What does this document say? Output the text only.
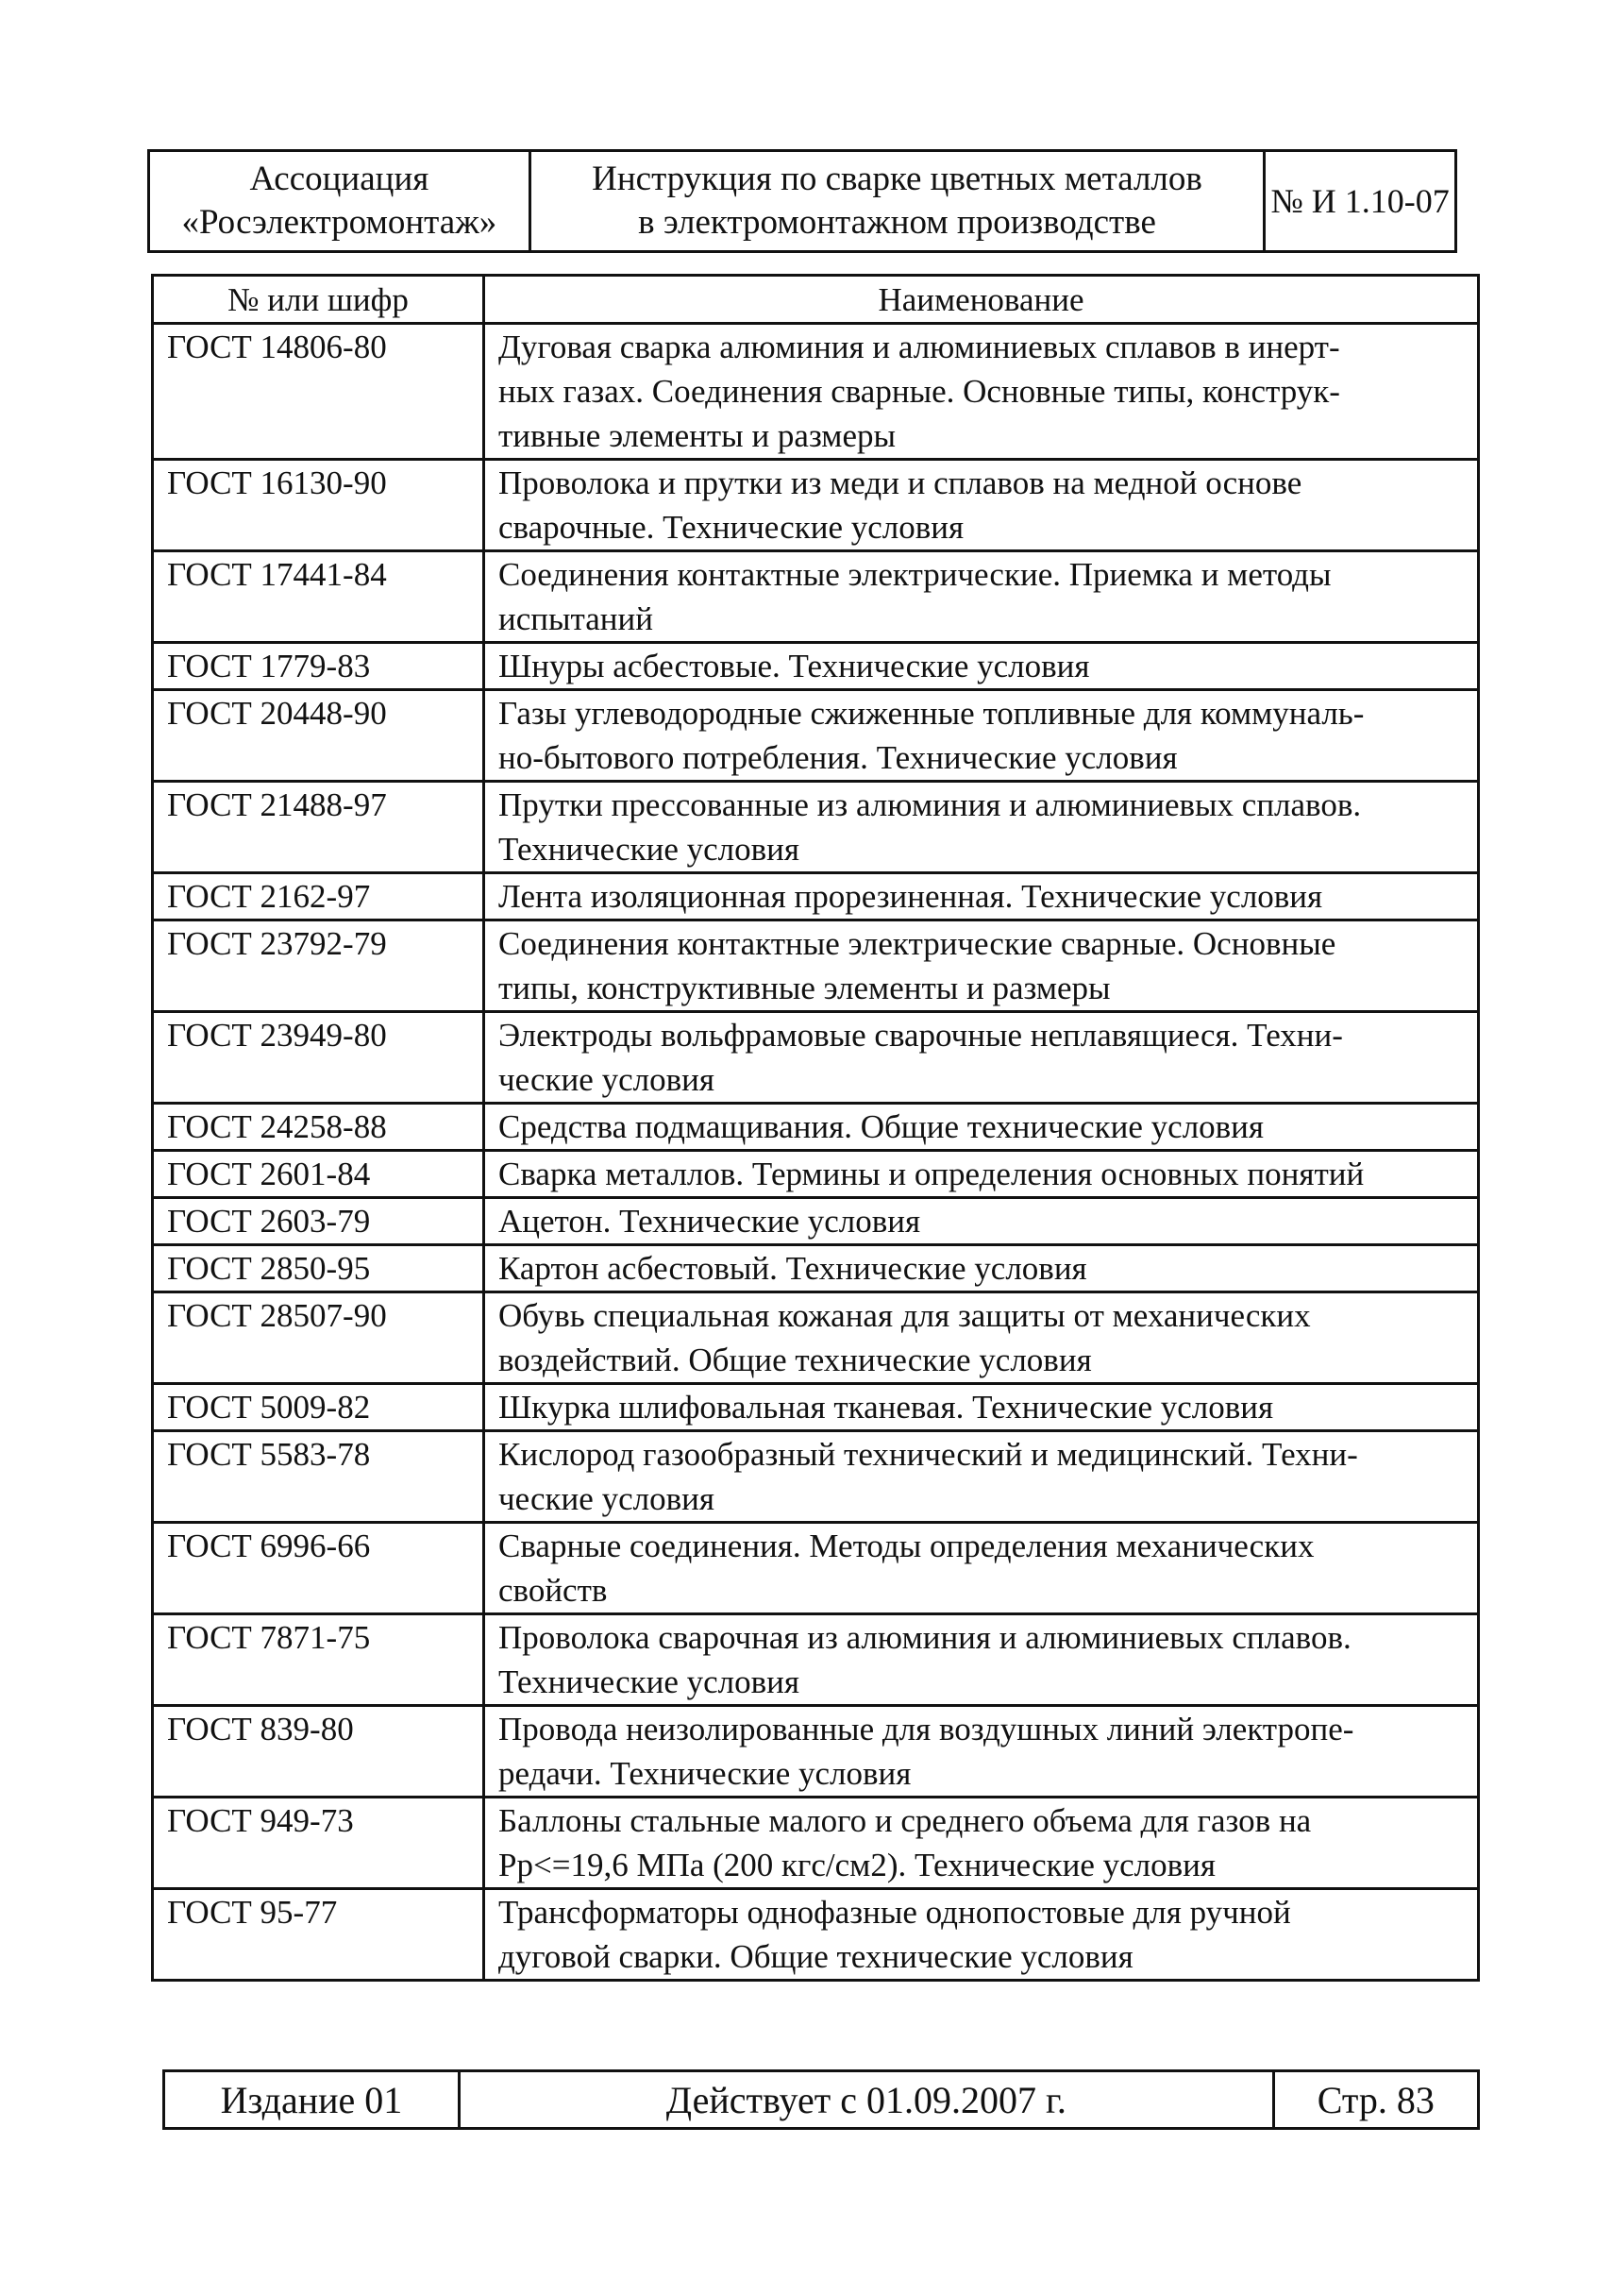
Ассоциация
«Росэлектромонтаж»

Инструкция по сварке цветных металлов
в электромонтажном производстве
	№ И 1.10-07
№ или шифр	Наименование
ГОСТ 14806-80	Дуговая сварка алюминия и алюминиевых сплавов в инерт-
ных газах. Соединения сварные. Основные типы, конструк-
тивные элементы и размеры

ГОСТ 16130-90	Проволока и прутки из меди и сплавов на медной основе
сварочные. Технические условия

ГОСТ 17441-84	Соединения контактные электрические. Приемка и методы
испытаний

ГОСТ 1779-83	Шнуры асбестовые. Технические условия

ГОСТ 20448-90	Газы углеводородные сжиженные топливные для коммуналь-
но-бытового потребления. Технические условия

ГОСТ 21488-97	Прутки прессованные из алюминия и алюминиевых сплавов.
Технические условия

ГОСТ 2162-97	Лента изоляционная прорезиненная. Технические условия

ГОСТ 23792-79	Соединения контактные электрические сварные. Основные
типы, конструктивные элементы и размеры

ГОСТ 23949-80	Электроды вольфрамовые сварочные неплавящиеся. Техни-
ческие условия

ГОСТ 24258-88	Средства подмащивания. Общие технические условия

ГОСТ 2601-84	Сварка металлов. Термины и определения основных понятий

ГОСТ 2603-79	Ацетон. Технические условия

ГОСТ 2850-95	Картон асбестовый. Технические условия

ГОСТ 28507-90	Обувь специальная кожаная для защиты от механических
воздействий. Общие технические условия

ГОСТ 5009-82	Шкурка шлифовальная тканевая. Технические условия

ГОСТ 5583-78	Кислород газообразный технический и медицинский. Техни-
ческие условия

ГОСТ 6996-66	Сварные соединения. Методы определения механических
свойств

ГОСТ 7871-75	Проволока сварочная из алюминия и алюминиевых сплавов.
Технические условия

ГОСТ 839-80	Провода неизолированные для воздушных линий электропе-
редачи. Технические условия

ГОСТ 949-73	Баллоны стальные малого и среднего объема для газов на
Рр<=19,6 МПа (200 кгс/см2). Технические условия

ГОСТ 95-77	Трансформаторы однофазные однопостовые для ручной
дуговой сварки. Общие технические условия
Издание 01	Действует с 01.09.2007 г.	Стр. 83
